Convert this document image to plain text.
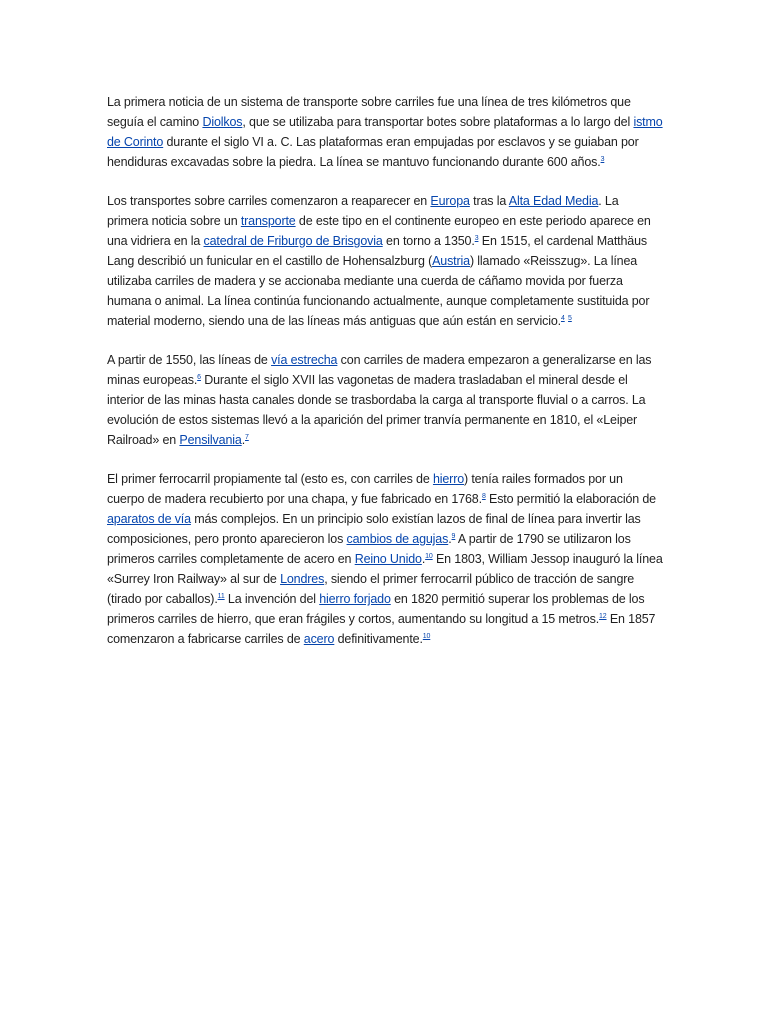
La primera noticia de un sistema de transporte sobre carriles fue una línea de tres kilómetros que seguía el camino Diolkos, que se utilizaba para transportar botes sobre plataformas a lo largo del istmo de Corinto durante el siglo VI a. C. Las plataformas eran empujadas por esclavos y se guiaban por hendiduras excavadas sobre la piedra. La línea se mantuvo funcionando durante 600 años.$^3$

Los transportes sobre carriles comenzaron a reaparecer en Europa tras la Alta Edad Media. La primera noticia sobre un transporte de este tipo en el continente europeo en este periodo aparece en una vidriera en la catedral de Friburgo de Brisgovia en torno a 1350.$^3$ En 1515, el cardenal Matthäus Lang describió un funicular en el castillo de Hohensalzburg (Austria) llamado «Reisszug». La línea utilizaba carriles de madera y se accionaba mediante una cuerda de cáñamo movida por fuerza humana o animal. La línea continúa funcionando actualmente, aunque completamente sustituida por material moderno, siendo una de las líneas más antiguas que aún están en servicio.$^4$ $^5$

A partir de 1550, las líneas de vía estrecha con carriles de madera empezaron a generalizarse en las minas europeas.$^6$ Durante el siglo XVII las vagonetas de madera trasladaban el mineral desde el interior de las minas hasta canales donde se trasbordaba la carga al transporte fluvial o a carros. La evolución de estos sistemas llevó a la aparición del primer tranvía permanente en 1810, el «Leiper Railroad» en Pensilvania.$^7$

El primer ferrocarril propiamente tal (esto es, con carriles de hierro) tenía railes formados por un cuerpo de madera recubierto por una chapa, y fue fabricado en 1768.$^8$ Esto permitió la elaboración de aparatos de vía más complejos. En un principio solo existían lazos de final de línea para invertir las composiciones, pero pronto aparecieron los cambios de agujas.$^9$ A partir de 1790 se utilizaron los primeros carriles completamente de acero en Reino Unido.$^{10}$ En 1803, William Jessop inauguró la línea «Surrey Iron Railway» al sur de Londres, siendo el primer ferrocarril público de tracción de sangre (tirado por caballos).$^{11}$ La invención del hierro forjado en 1820 permitió superar los problemas de los primeros carriles de hierro, que eran frágiles y cortos, aumentando su longitud a 15 metros.$^{12}$ En 1857 comenzaron a fabricarse carriles de acero definitivamente.$^{10}$
